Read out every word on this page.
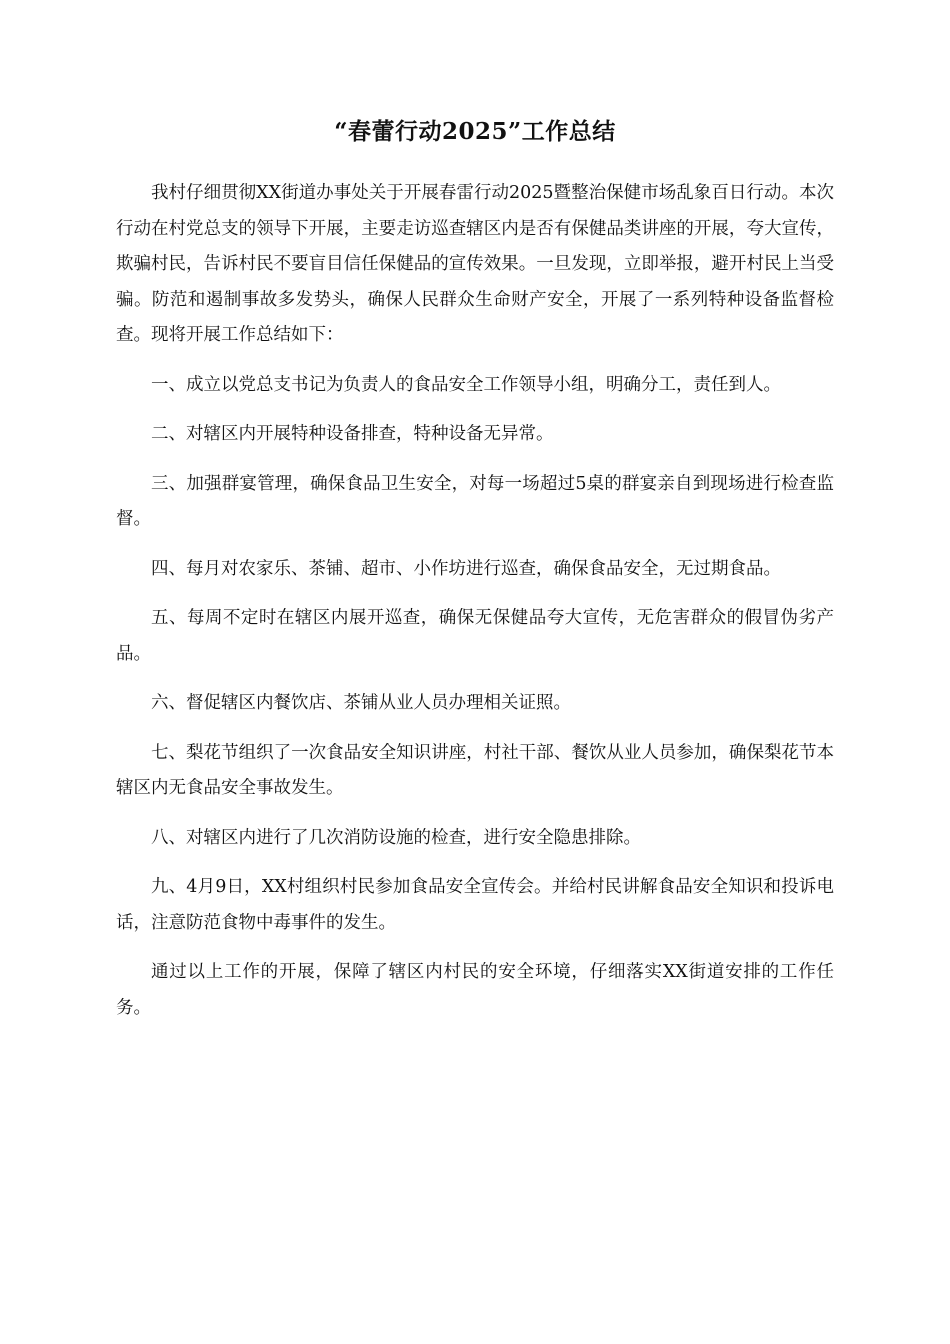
“春蕾行动2025”工作总结

我村仔细贯彻XX街道办事处关于开展春雷行动2025暨整治保健市场乱象百日行动。本次行动在村党总支的领导下开展，主要走访巡查辖区内是否有保健品类讲座的开展，夸大宣传，欺骗村民，告诉村民不要盲目信任保健品的宣传效果。一旦发现，立即举报，避开村民上当受骗。防范和遏制事故多发势头，确保人民群众生命财产安全，开展了一系列特种设备监督检查。现将开展工作总结如下：

一、成立以党总支书记为负责人的食品安全工作领导小组，明确分工，责任到人。

二、对辖区内开展特种设备排查，特种设备无异常。

三、加强群宴管理，确保食品卫生安全，对每一场超过5桌的群宴亲自到现场进行检查监督。

四、每月对农家乐、茶铺、超市、小作坊进行巡查，确保食品安全，无过期食品。

五、每周不定时在辖区内展开巡查，确保无保健品夸大宣传，无危害群众的假冒伪劣产品。

六、督促辖区内餐饮店、茶铺从业人员办理相关证照。

七、梨花节组织了一次食品安全知识讲座，村社干部、餐饮从业人员参加，确保梨花节本辖区内无食品安全事故发生。

八、对辖区内进行了几次消防设施的检查，进行安全隐患排除。

九、4月9日，XX村组织村民参加食品安全宣传会。并给村民讲解食品安全知识和投诉电话，注意防范食物中毒事件的发生。

通过以上工作的开展，保障了辖区内村民的安全环境，仔细落实XX街道安排的工作任务。
